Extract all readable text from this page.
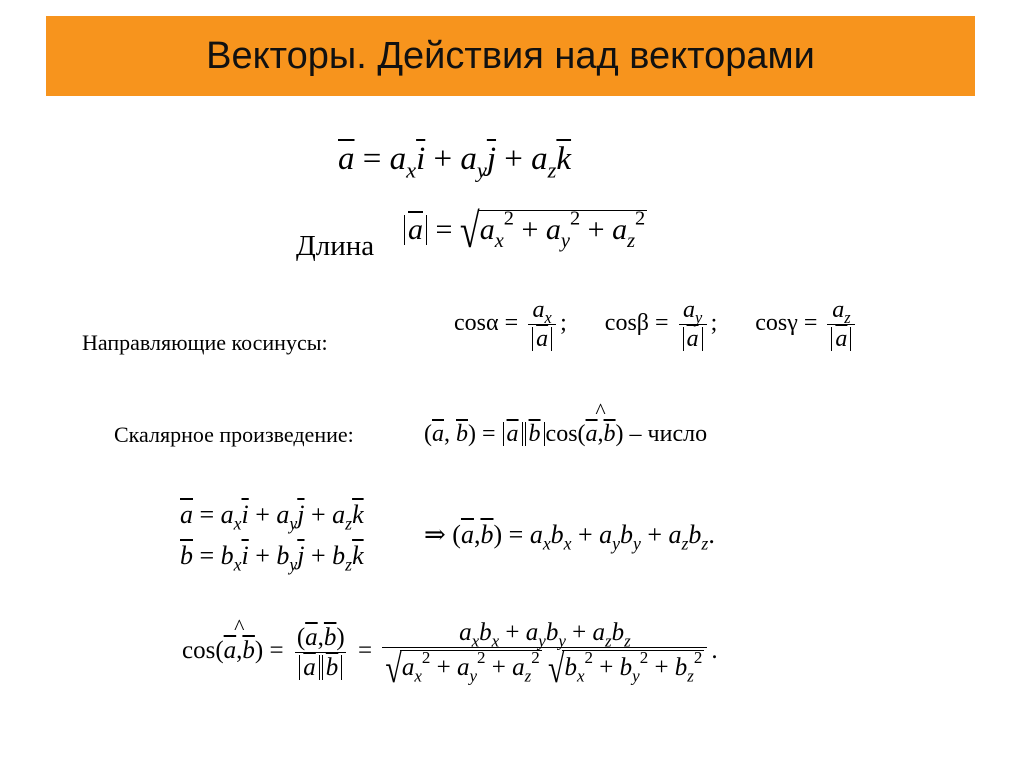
Векторы. Действия над векторами
$\overline{a} = a_x\overline{i} + a_y\overline{j} + a_z\overline{k}$
Длина $\overline{a} = √a_x^2 + a_y^2 + a_z^2$
Направляющие косинусы:
$\cos\alpha = \frac{a_x}{a}$ ; $\cos\beta = \frac{a_y}{a}$ ; $\cos\gamma = \frac{a_z}{a}$
Скалярное произведение:	($\overline{a}$, $\overline{b}) = \overline{a}$ $\overline{b}$ cos(
^
$\overline{a},\overline{b}$) – число
$\overline{a} = a_x\overline{i} + a_y\overline{j} + a_z\overline{k}$
$\overline{b} = b_x\overline{i} + b_y\overline{j} + b_z\overline{k}$
⇒ $(\overline{a},\overline{b}) = a_xb_x + a_yb_y + a_zb_z$.
cos(
^
$\overline{a},\overline{b}) = \frac{(\overline{a},\overline{b})}{\overline{a} \overline{b}} = \frac{a_xb_x + a_yb_y + a_zb_z}{√a_x^2 + a_y^2 + a_z^2 √b_x^2 + b_y^2 + b_z^2}$ .
